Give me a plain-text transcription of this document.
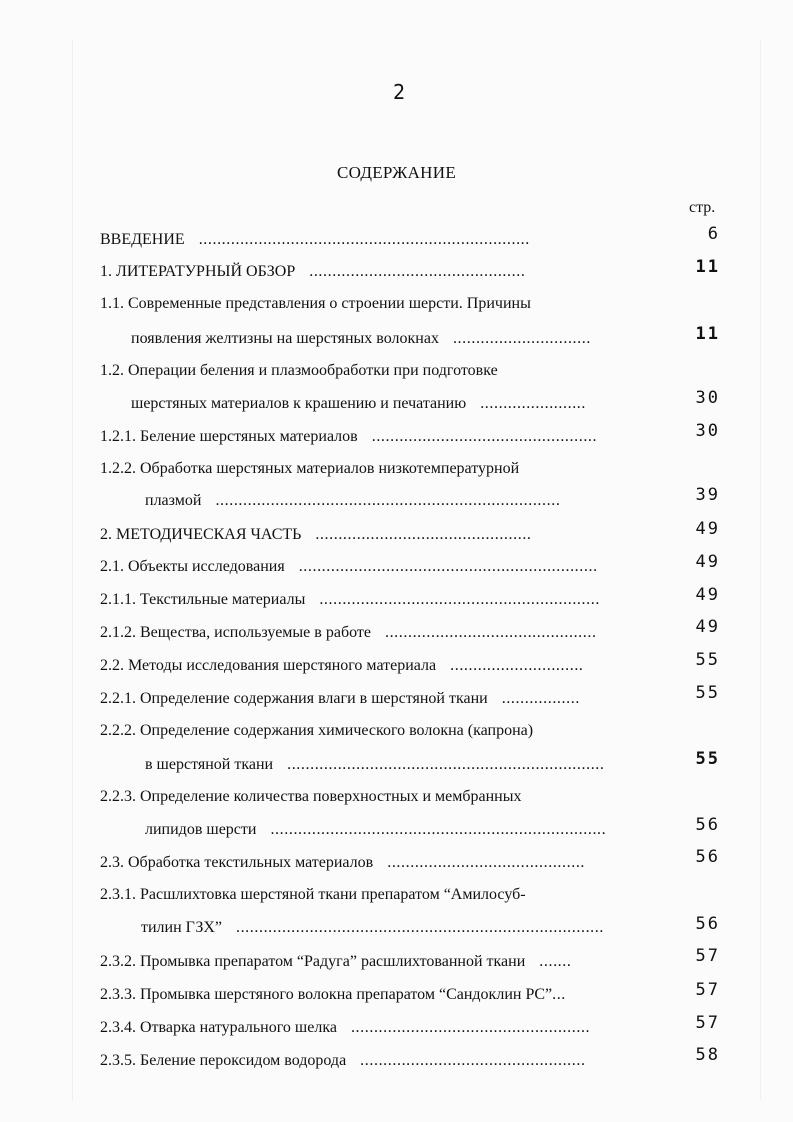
2
СОДЕРЖАНИЕ
стр.
ВВЕДЕНИЕ ........................................................................	6
1. ЛИТЕРАТУРНЫЙ ОБЗОР ...............................................	11
1.1. Современные представления о строении шерсти. Причины
появления желтизны на шерстяных волокнах ..............................	11
1.2. Операции беления и плазмообработки при подготовке
шерстяных материалов к крашению и печатанию .......................	30
1.2.1. Беление шерстяных материалов .................................................	30
1.2.2. Обработка шерстяных материалов низкотемпературной
плазмой ...........................................................................	39
2. МЕТОДИЧЕСКАЯ ЧАСТЬ ...............................................	49
2.1. Объекты исследования .................................................................	49
2.1.1. Текстильные материалы .............................................................	49
2.1.2. Вещества, используемые в работе ..............................................	49
2.2. Методы исследования шерстяного материала .............................	55
2.2.1. Определение содержания влаги в шерстяной ткани .................	55
2.2.2. Определение содержания химического волокна (капрона)
в шерстяной ткани .....................................................................	55
2.2.3. Определение количества поверхностных и мембранных
липидов шерсти .........................................................................	56
2.3. Обработка текстильных материалов ...........................................	56
2.3.1. Расшлихтовка шерстяной ткани препаратом “Амилосуб-
тилин ГЗХ” ................................................................................	56
2.3.2. Промывка препаратом “Радуга” расшлихтованной ткани .......	57
2.3.3. Промывка шерстяного волокна препаратом “Сандоклин PC”...	57
2.3.4. Отварка натурального шелка ....................................................	57
2.3.5. Беление пероксидом водорода .................................................	58
